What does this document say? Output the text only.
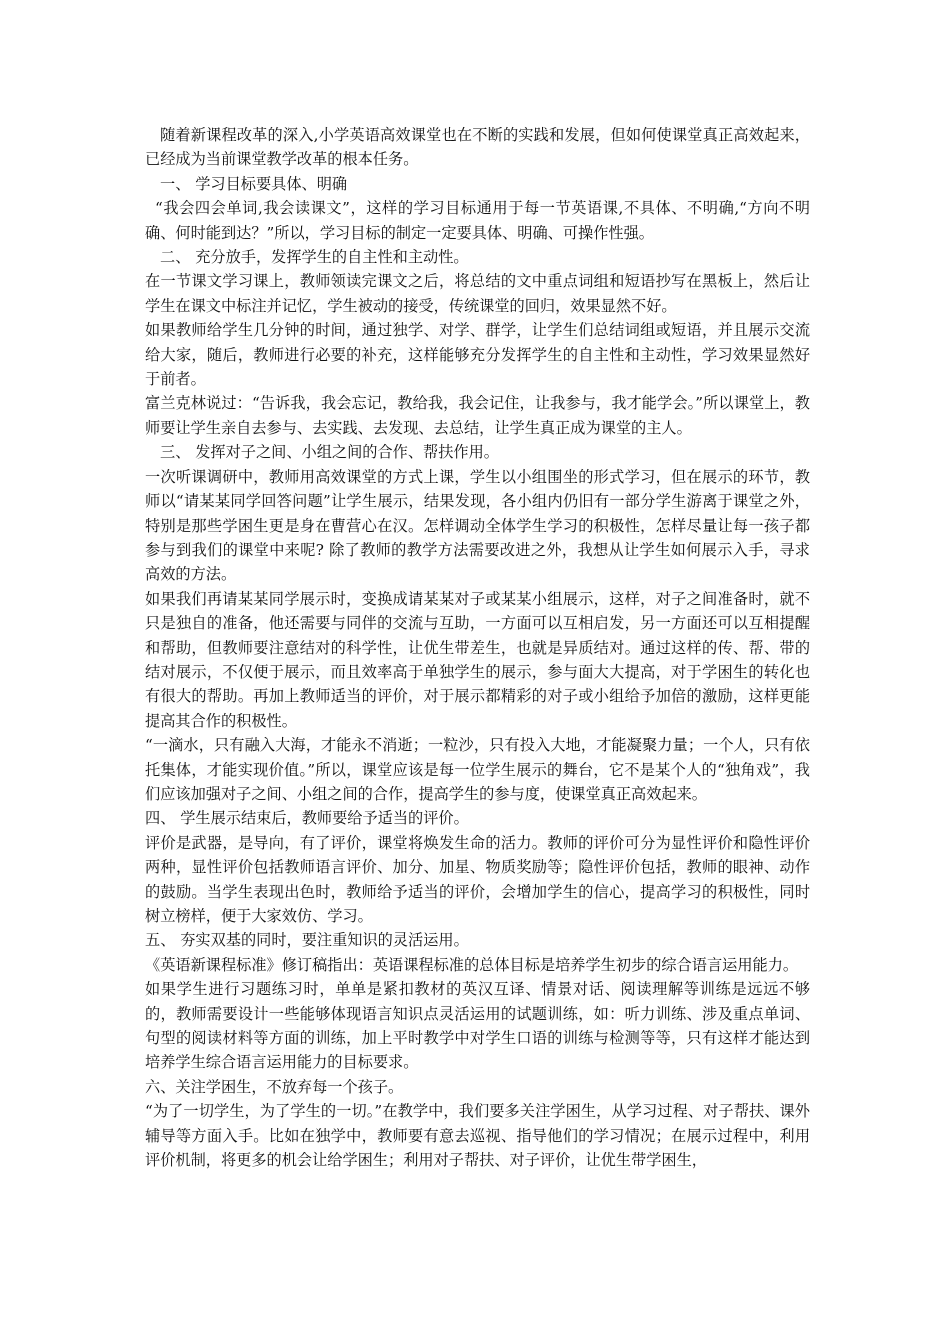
随着新课程改革的深入,小学英语高效课堂也在不断的实践和发展，但如何使课堂真正高效起来，已经成为当前课堂教学改革的根本任务。

一、 学习目标要具体、明确

“我会四会单词,我会读课文”，这样的学习目标通用于每一节英语课,不具体、不明确,“方向不明确、何时能到达？”所以，学习目标的制定一定要具体、明确、可操作性强。

二、 充分放手，发挥学生的自主性和主动性。

在一节课文学习课上，教师领读完课文之后，将总结的文中重点词组和短语抄写在黑板上，然后让学生在课文中标注并记忆，学生被动的接受，传统课堂的回归，效果显然不好。

如果教师给学生几分钟的时间，通过独学、对学、群学，让学生们总结词组或短语，并且展示交流给大家，随后，教师进行必要的补充，这样能够充分发挥学生的自主性和主动性，学习效果显然好于前者。

富兰克林说过：“告诉我，我会忘记，教给我，我会记住，让我参与，我才能学会。”所以课堂上，教师要让学生亲自去参与、去实践、去发现、去总结，让学生真正成为课堂的主人。

三、 发挥对子之间、小组之间的合作、帮扶作用。

一次听课调研中，教师用高效课堂的方式上课，学生以小组围坐的形式学习，但在展示的环节，教师以“请某某同学回答问题”让学生展示，结果发现，各小组内仍旧有一部分学生游离于课堂之外，特别是那些学困生更是身在曹营心在汉。怎样调动全体学生学习的积极性，怎样尽量让每一孩子都参与到我们的课堂中来呢? 除了教师的教学方法需要改进之外，我想从让学生如何展示入手，寻求高效的方法。

如果我们再请某某同学展示时，变换成请某某对子或某某小组展示，这样，对子之间准备时，就不只是独自的准备，他还需要与同伴的交流与互助，一方面可以互相启发，另一方面还可以互相提醒和帮助，但教师要注意结对的科学性，让优生带差生，也就是异质结对。通过这样的传、帮、带的结对展示，不仅便于展示，而且效率高于单独学生的展示，参与面大大提高，对于学困生的转化也有很大的帮助。再加上教师适当的评价，对于展示都精彩的对子或小组给予加倍的激励，这样更能提高其合作的积极性。

“一滴水，只有融入大海，才能永不消逝；一粒沙，只有投入大地，才能凝聚力量；一个人，只有依托集体，才能实现价值。”所以，课堂应该是每一位学生展示的舞台，它不是某个人的“独角戏”，我们应该加强对子之间、小组之间的合作，提高学生的参与度，使课堂真正高效起来。

四、 学生展示结束后，教师要给予适当的评价。

评价是武器，是导向，有了评价，课堂将焕发生命的活力。教师的评价可分为显性评价和隐性评价两种，显性评价包括教师语言评价、加分、加星、物质奖励等；隐性评价包括，教师的眼神、动作的鼓励。当学生表现出色时，教师给予适当的评价，会增加学生的信心，提高学习的积极性，同时树立榜样，便于大家效仿、学习。

五、 夯实双基的同时，要注重知识的灵活运用。

《英语新课程标准》修订稿指出：英语课程标准的总体目标是培养学生初步的综合语言运用能力。

如果学生进行习题练习时，单单是紧扣教材的英汉互译、情景对话、阅读理解等训练是远远不够的，教师需要设计一些能够体现语言知识点灵活运用的试题训练，如：听力训练、涉及重点单词、句型的阅读材料等方面的训练，加上平时教学中对学生口语的训练与检测等等，只有这样才能达到培养学生综合语言运用能力的目标要求。

六、关注学困生，不放弃每一个孩子。

“为了一切学生，为了学生的一切。”在教学中，我们要多关注学困生，从学习过程、对子帮扶、课外辅导等方面入手。比如在独学中，教师要有意去巡视、指导他们的学习情况；在展示过程中，利用评价机制，将更多的机会让给学困生；利用对子帮扶、对子评价，让优生带学困生，
